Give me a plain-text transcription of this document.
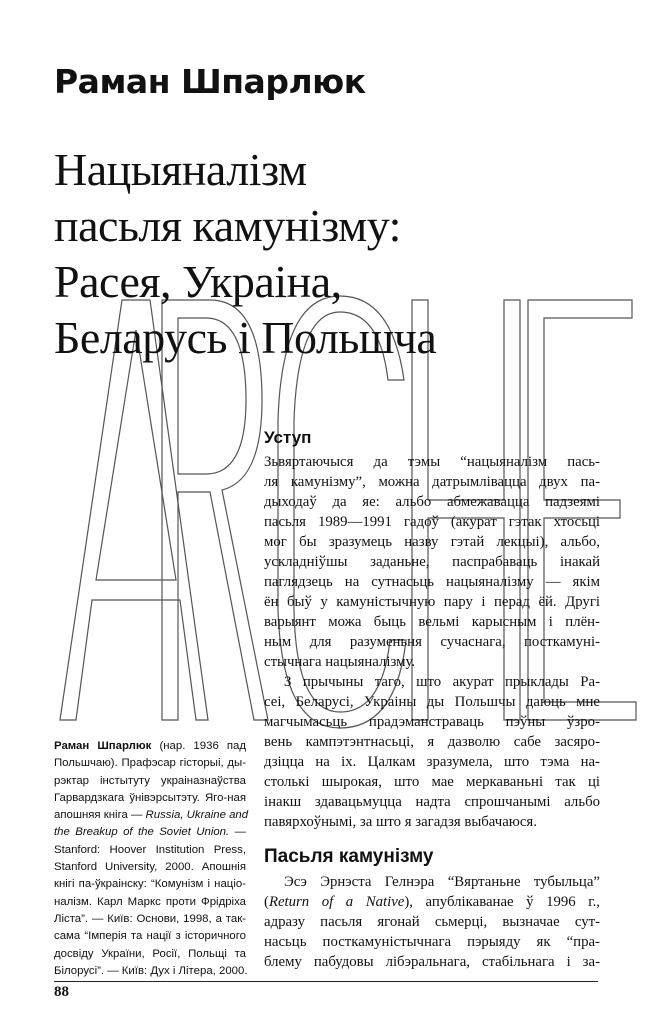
Раман Шпарлюк
Нацыяналізм
пасьля камунізму:
Расея, Украіна,
Беларусь і Польшча
Уступ
Зьвяртаючыся да тэмы “нацыяналізм пась-
ля камунізму”, можна датрымлівацца двух па-
дыходаў да яе: альбо абмежавацца падзеямі
пасьля 1989—1991 гадоў (акурат гэтак хтосьці
мог бы зразумець назву гэтай лекцыі), альбо,
ускладніўшы заданьне, паспрабаваць інакай
паглядзець на сутнасьць нацыяналізму — якім
ён быў у камуністычную пару і перад ёй. Другі
варыянт можа быць вельмі карысным і плён-
ным для разуменьня сучаснага, посткамуні-
стычнага нацыяналізму.
З прычыны таго, што акурат прыклады Ра-
сеі, Беларусі, Украіны ды Польшчы даюць мне
магчымасьць прадэманстраваць пэўны ўзро-
вень кампэтэнтнасьці, я дазволю сабе засяро-
дзіцца на іх. Цалкам зразумела, што тэма на-
столькі шырокая, што мае меркаваньні так ці
інакш здавацьмуцца надта спрошчанымі альбо
павярхоўнымі, за што я загадзя выбачаюся.
Пасьля камунізму
Эсэ Эрнэста Гелнэра “Вяртаньне тубыльца”
(Return of a Native), апублікаванае ў 1996 г.,
адразу пасьля ягонай сьмерці, вызначае сут-
насьць посткамуністычнага пэрыяду як “пра-
блему пабудовы лібэральнага, стабільнага і за-
Раман Шпарлюк (нар. 1936 пад
Польшчаю). Прафэсар гісторыі, ды-
рэктар інстытуту украіназнаўства
Гарвардзкага ўнівэрсытэту. Яго-ная
апошняя кніга — Russia, Ukraine and
the Breakup of the Soviet Union. —
Stanford: Hoover Institution Press,
Stanford University, 2000. Апошнія
кнігі па-ўкраінску: “Комунізм і націо-
налізм. Карл Маркс проти Фрідріха
Ліста”. — Київ: Основи, 1998, а так-
сама “Імперія та нації з історичного
досвіду України, Росії, Польщі та
Білорусі”. — Київ: Дух і Літера, 2000.
88
